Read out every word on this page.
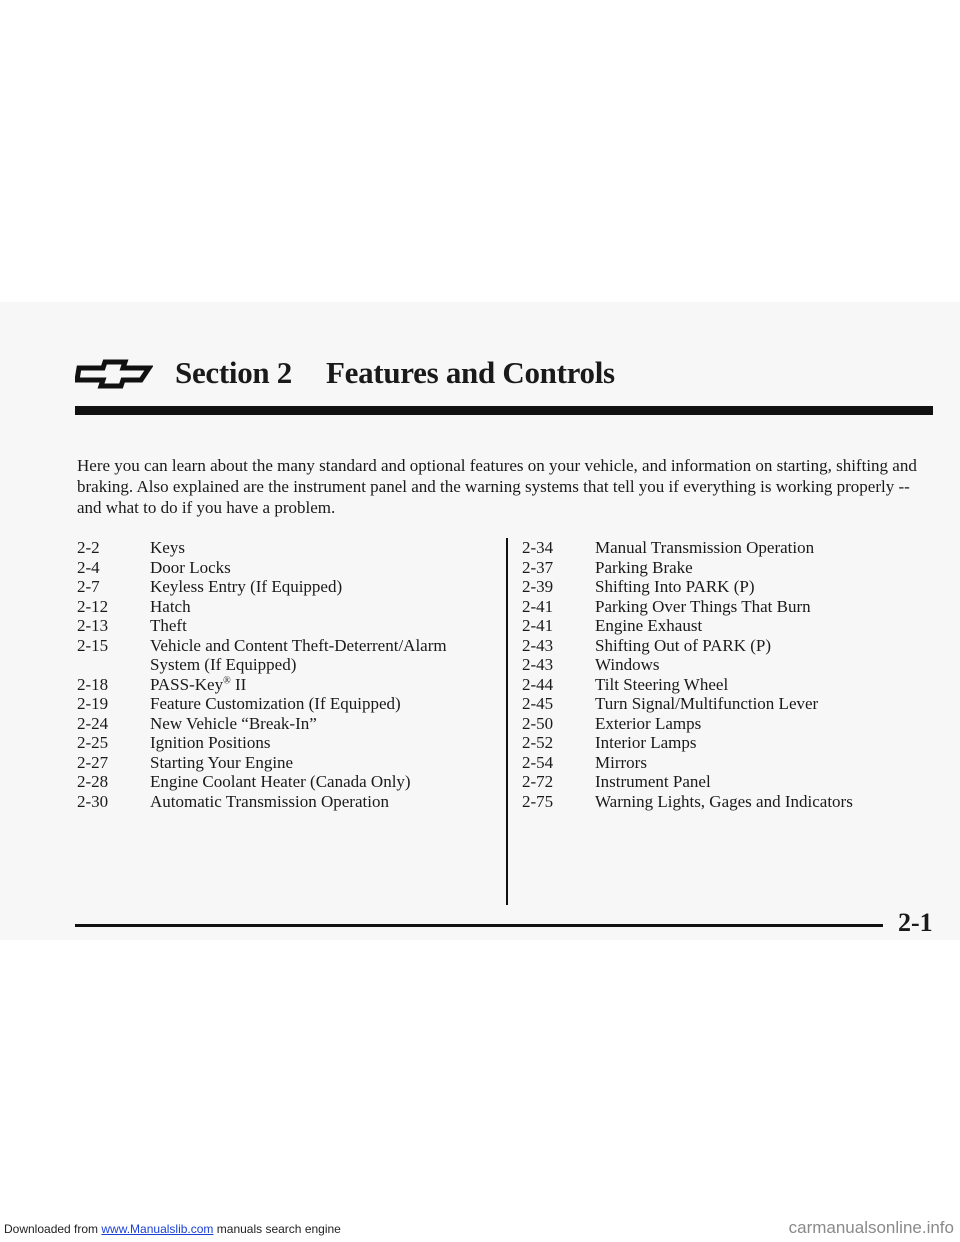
Section 2 Features and Controls

Here you can learn about the many standard and optional features on your vehicle, and information on starting, shifting and braking. Also explained are the instrument panel and the warning systems that tell you if everything is working properly -- and what to do if you have a problem.

2-2	Keys
2-4	Door Locks
2-7	Keyless Entry (If Equipped)
2-12	Hatch
2-13	Theft
2-15	Vehicle and Content Theft-Deterrent/Alarm
System (If Equipped)
2-18	PASS-Key® II
2-19	Feature Customization (If Equipped)
2-24	New Vehicle “Break-In”
2-25	Ignition Positions
2-27	Starting Your Engine
2-28	Engine Coolant Heater (Canada Only)
2-30	Automatic Transmission Operation
2-34	Manual Transmission Operation
2-37	Parking Brake
2-39	Shifting Into PARK (P)
2-41	Parking Over Things That Burn
2-41	Engine Exhaust
2-43	Shifting Out of PARK (P)
2-43	Windows
2-44	Tilt Steering Wheel
2-45	Turn Signal/Multifunction Lever
2-50	Exterior Lamps
2-52	Interior Lamps
2-54	Mirrors
2-72	Instrument Panel
2-75	Warning Lights, Gages and Indicators
2-1
Downloaded from www.Manualslib.com manuals search engine	carmanualsonline.info
